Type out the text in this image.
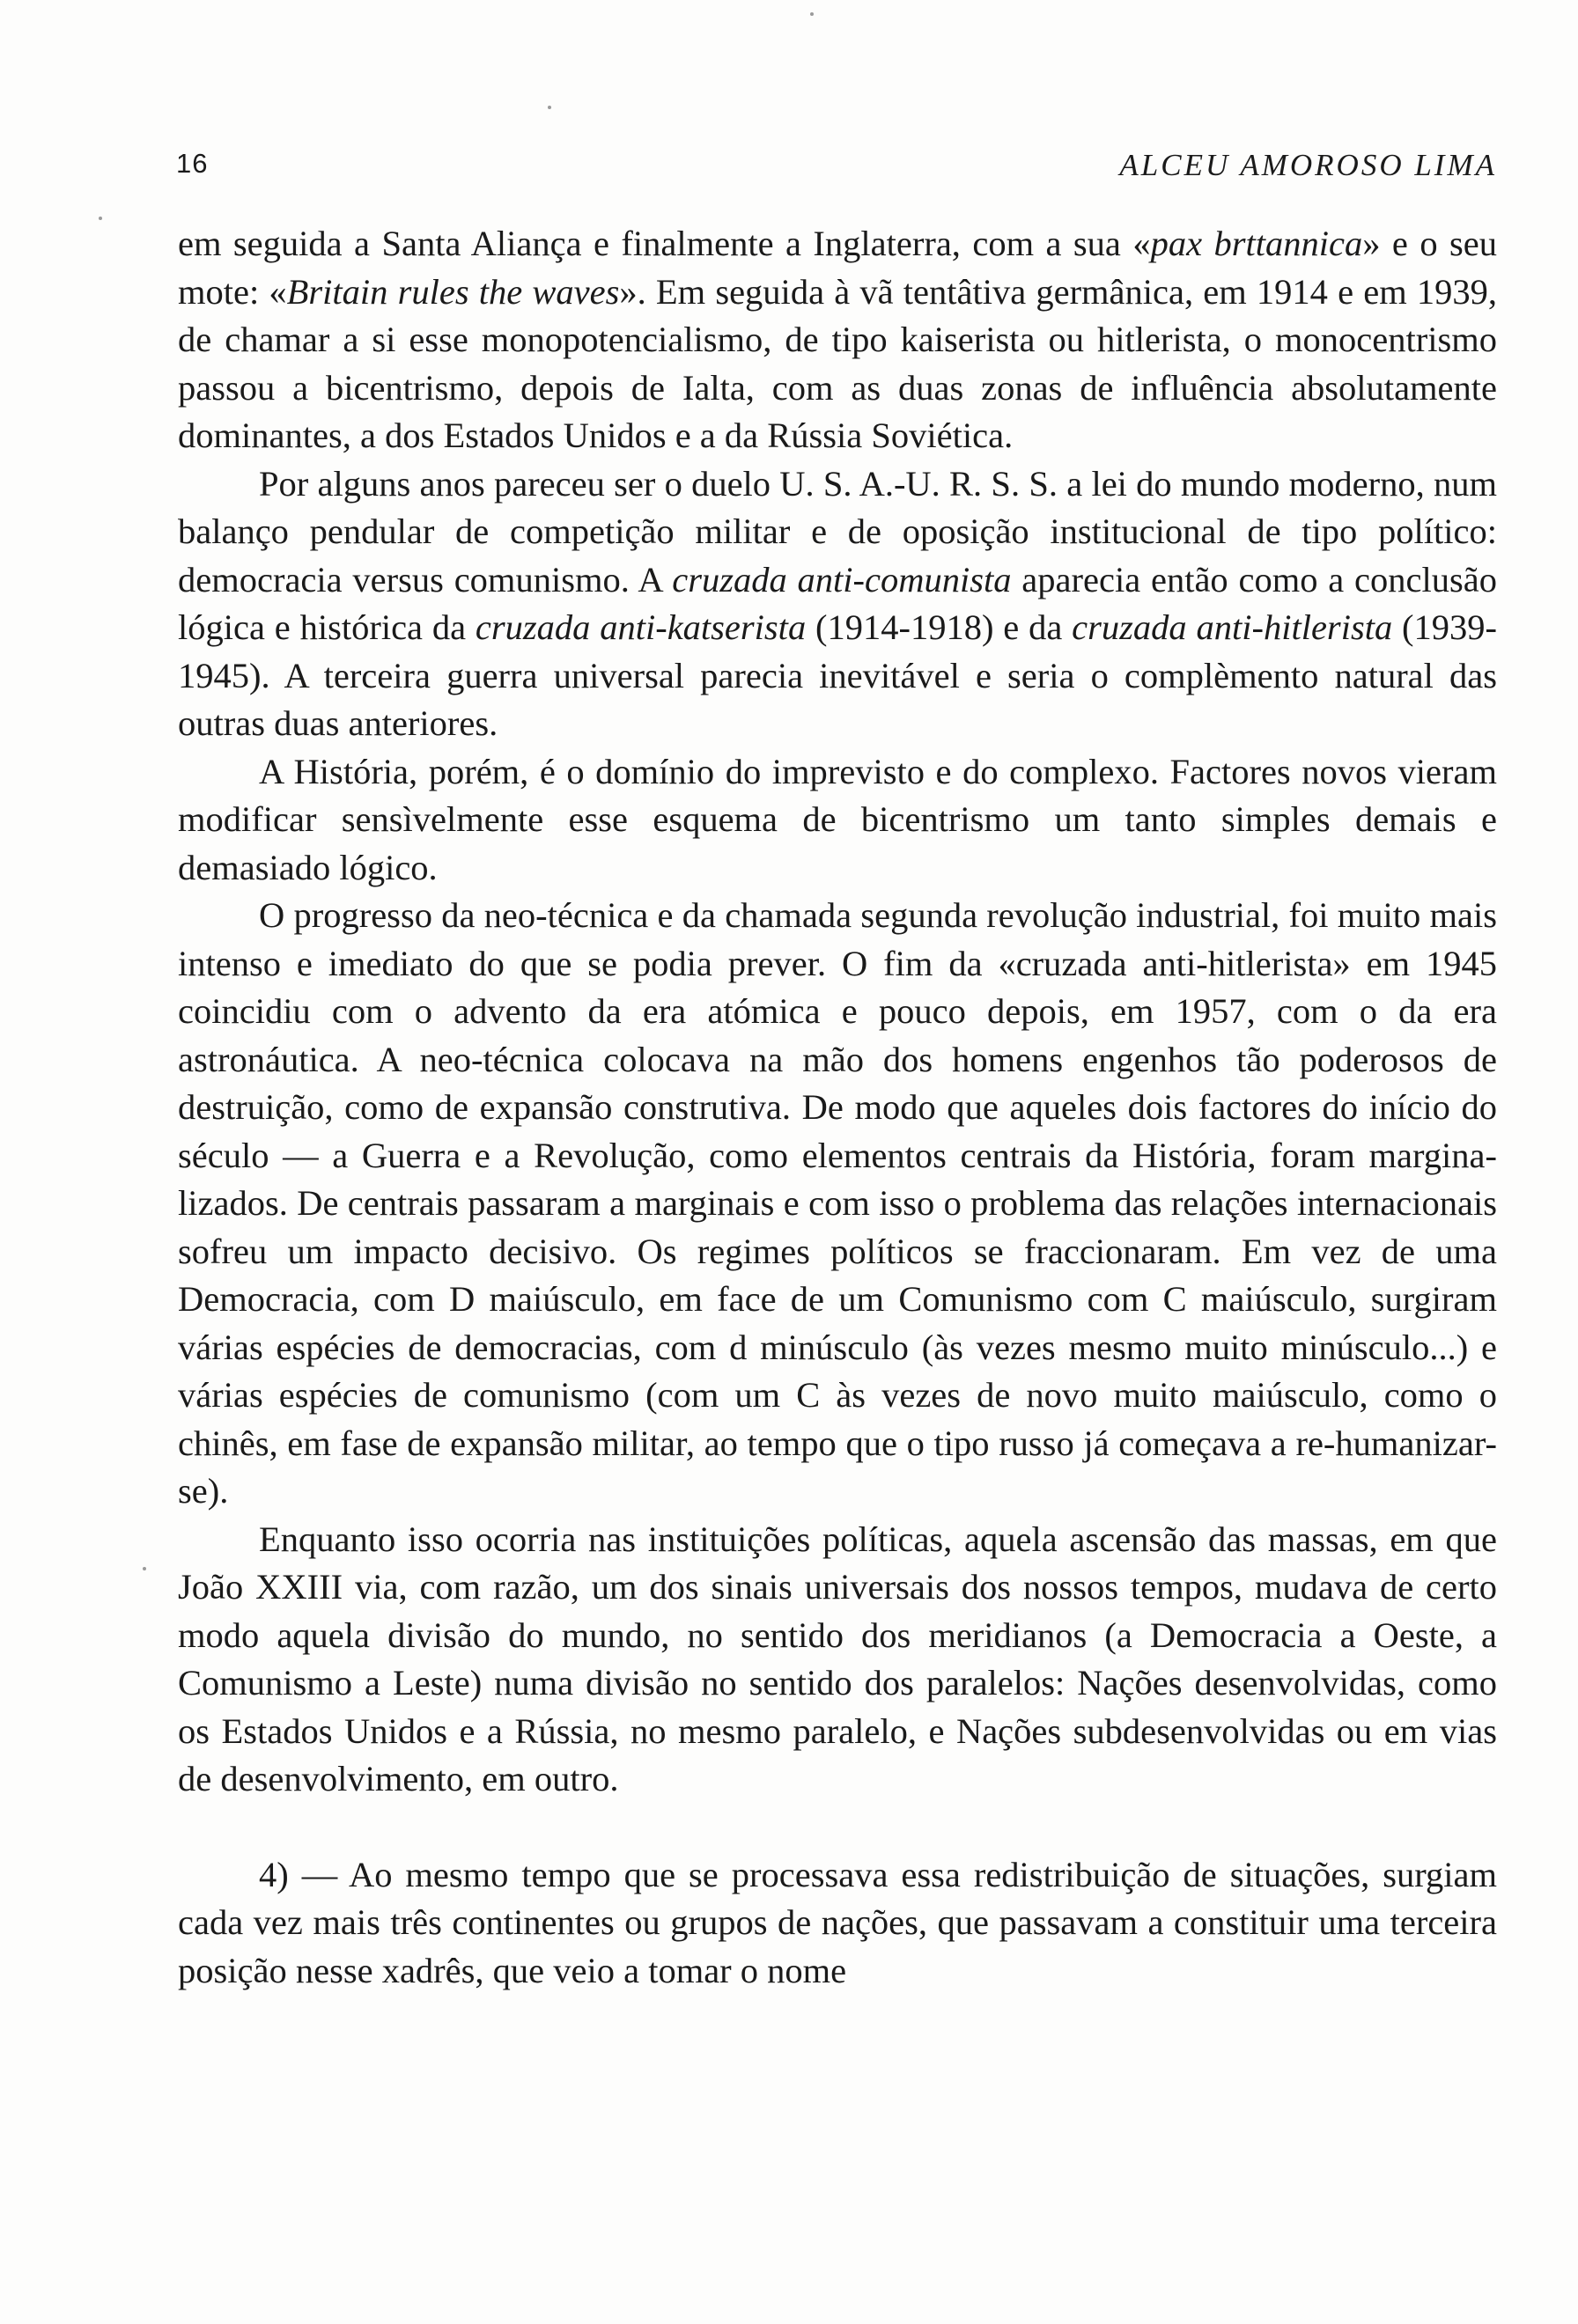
16	ALCEU AMOROSO LIMA

em seguida a Santa Aliança e finalmente a Inglaterra, com a sua «pax brttannica» e o seu mote: «Britain rules the waves». Em seguida à vã tentâtiva germânica, em 1914 e em 1939, de chamar a si esse monopotencialismo, de tipo kaiserista ou hitlerista, o monocentrismo passou a bicentrismo, depois de Ialta, com as duas zonas de influência absolutamente dominantes, a dos Estados Unidos e a da Rússia Soviética.

Por alguns anos pareceu ser o duelo U. S. A.-U. R. S. S. a lei do mundo moderno, num balanço pendular de competição militar e de oposição institucional de tipo político: democracia versus comunismo. A cruzada anti-comunista aparecia então como a conclusão lógica e histórica da cruzada anti-katserista (1914-1918) e da cruzada anti-hitlerista (1939-1945). A terceira guerra universal parecia inevitável e seria o complèmento natural das outras duas anteriores.

A História, porém, é o domínio do imprevisto e do complexo. Factores novos vieram modificar sensìvelmente esse esquema de bicentrismo um tanto simples demais e demasiado lógico.

O progresso da neo-técnica e da chamada segunda revolução industrial, foi muito mais intenso e imediato do que se podia prever. O fim da «cruzada anti-hitlerista» em 1945 coincidiu com o advento da era atómica e pouco depois, em 1957, com o da era astronáutica. A neo-técnica colocava na mão dos homens engenhos tão poderosos de destruição, como de expansão construtiva. De modo que aqueles dois factores do início do século — a Guerra e a Revolução, como elementos centrais da História, foram marginalizados. De centrais passaram a marginais e com isso o problema das relações internacionais sofreu um impacto decisivo. Os regimes políticos se fraccionaram. Em vez de uma Democracia, com D maiúsculo, em face de um Comunismo com C maiúsculo, surgiram várias espécies de democracias, com d minúsculo (às vezes mesmo muito minúsculo...) e várias espécies de comunismo (com um C às vezes de novo muito maiúsculo, como o chinês, em fase de expansão militar, ao tempo que o tipo russo já começava a re-humanizar-se).

Enquanto isso ocorria nas instituições políticas, aquela ascensão das massas, em que João XXIII via, com razão, um dos sinais universais dos nossos tempos, mudava de certo modo aquela divisão do mundo, no sentido dos meridianos (a Democracia a Oeste, a Comunismo a Leste) numa divisão no sentido dos paralelos: Nações desenvolvidas, como os Estados Unidos e a Rússia, no mesmo paralelo, e Nações subdesenvolvidas ou em vias de desenvolvimento, em outro.

4) — Ao mesmo tempo que se processava essa redistribuição de situações, surgiam cada vez mais três continentes ou grupos de nações, que passavam a constituir uma terceira posição nesse xadrês, que veio a tomar o nome
